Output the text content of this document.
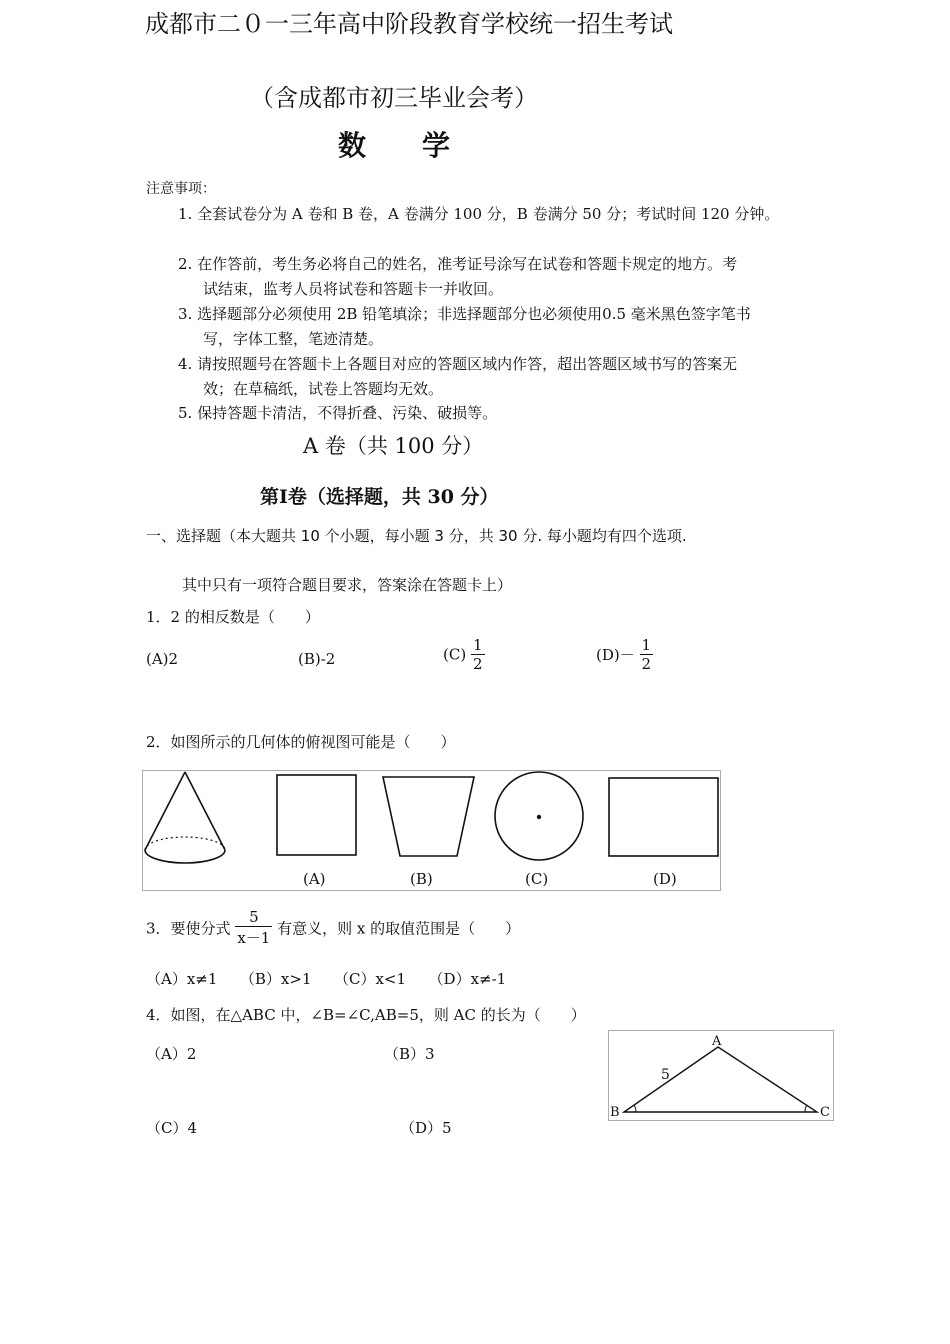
成都市二０一三年高中阶段教育学校统一招生考试
（含成都市初三毕业会考）
数　　学
注意事项：
1. 全套试卷分为 A 卷和 B 卷，A 卷满分 100 分，B 卷满分 50 分；考试时间 120 分钟。
2. 在作答前，考生务必将自己的姓名，准考证号涂写在试卷和答题卡规定的地方。考
试结束，监考人员将试卷和答题卡一并收回。
3. 选择题部分必须使用 2B 铅笔填涂；非选择题部分也必须使用0.5 毫米黑色签字笔书
写，字体工整，笔迹清楚。
4. 请按照题号在答题卡上各题目对应的答题区域内作答，超出答题区域书写的答案无
效；在草稿纸，试卷上答题均无效。
5. 保持答题卡清洁，不得折叠、污染、破损等。
A 卷（共 100 分）
第Ⅰ卷（选择题，共 30 分）
一、选择题（本大题共 10 个小题，每小题 3 分，共 30 分. 每小题均有四个选项.
其中只有一项符合题目要求，答案涂在答题卡上）
1．2 的相反数是（　　）
(A)2	(B)-2	$(C) \frac{1}{2}$	$(D)- \frac{1}{2}$
2．如图所示的几何体的俯视图可能是（　　）
(A)	(B)	(C)	(D)
3．要使分式 $\frac{5}{x-1}$ 有意义，则 x 的取值范围是（　　）
（A）x≠1　　（B）x>1　　（C）x<1　　（D）x≠-1
4．如图，在△ABC 中，∠B=∠C,AB=5，则 AC 的长为（　　）
（A）2	（B）3
（C）4	（D）5
A
B	C
5
